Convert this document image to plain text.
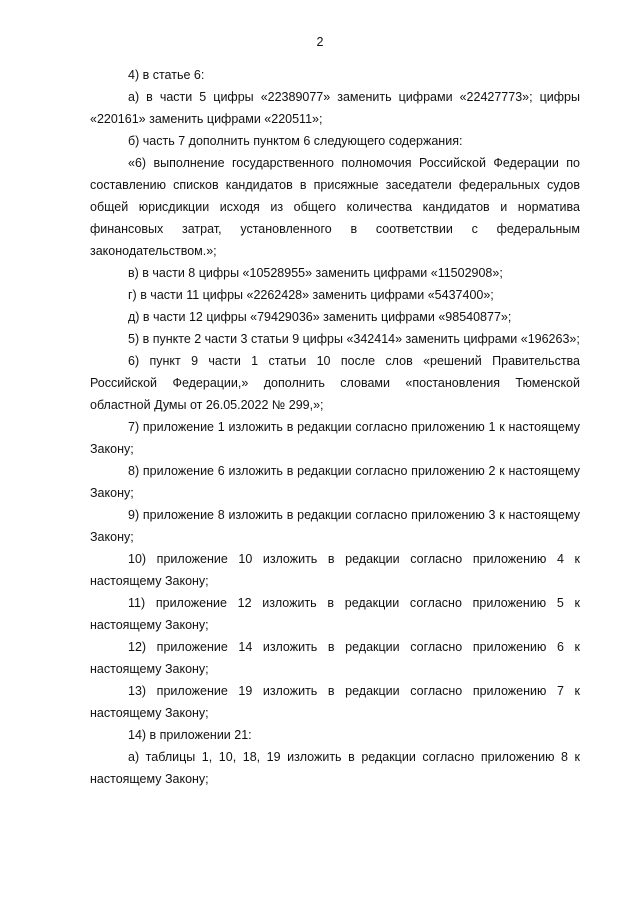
2

4) в статье 6:

а) в части 5 цифры «22389077» заменить цифрами «22427773»; цифры «220161» заменить цифрами «220511»;

б) часть 7 дополнить пунктом 6 следующего содержания:

«6) выполнение государственного полномочия Российской Федерации по составлению списков кандидатов в присяжные заседатели федеральных судов общей юрисдикции исходя из общего количества кандидатов и норматива финансовых затрат, установленного в соответствии с федеральным законодательством.»;

в) в части 8 цифры «10528955» заменить цифрами «11502908»;

г) в части 11 цифры «2262428» заменить цифрами «5437400»;

д) в части 12 цифры «79429036» заменить цифрами «98540877»;

5) в пункте 2 части 3 статьи 9 цифры «342414» заменить цифрами «196263»;

6) пункт 9 части 1 статьи 10 после слов «решений Правительства Российской Федерации,» дополнить словами «постановления Тюменской областной Думы от 26.05.2022 № 299,»;

7) приложение 1 изложить в редакции согласно приложению 1 к настоящему Закону;

8) приложение 6 изложить в редакции согласно приложению 2 к настоящему Закону;

9) приложение 8 изложить в редакции согласно приложению 3 к настоящему Закону;

10) приложение 10 изложить в редакции согласно приложению 4 к настоящему Закону;

11) приложение 12 изложить в редакции согласно приложению 5 к настоящему Закону;

12) приложение 14 изложить в редакции согласно приложению 6 к настоящему Закону;

13) приложение 19 изложить в редакции согласно приложению 7 к настоящему Закону;

14) в приложении 21:

а) таблицы 1, 10, 18, 19 изложить в редакции согласно приложению 8 к настоящему Закону;
